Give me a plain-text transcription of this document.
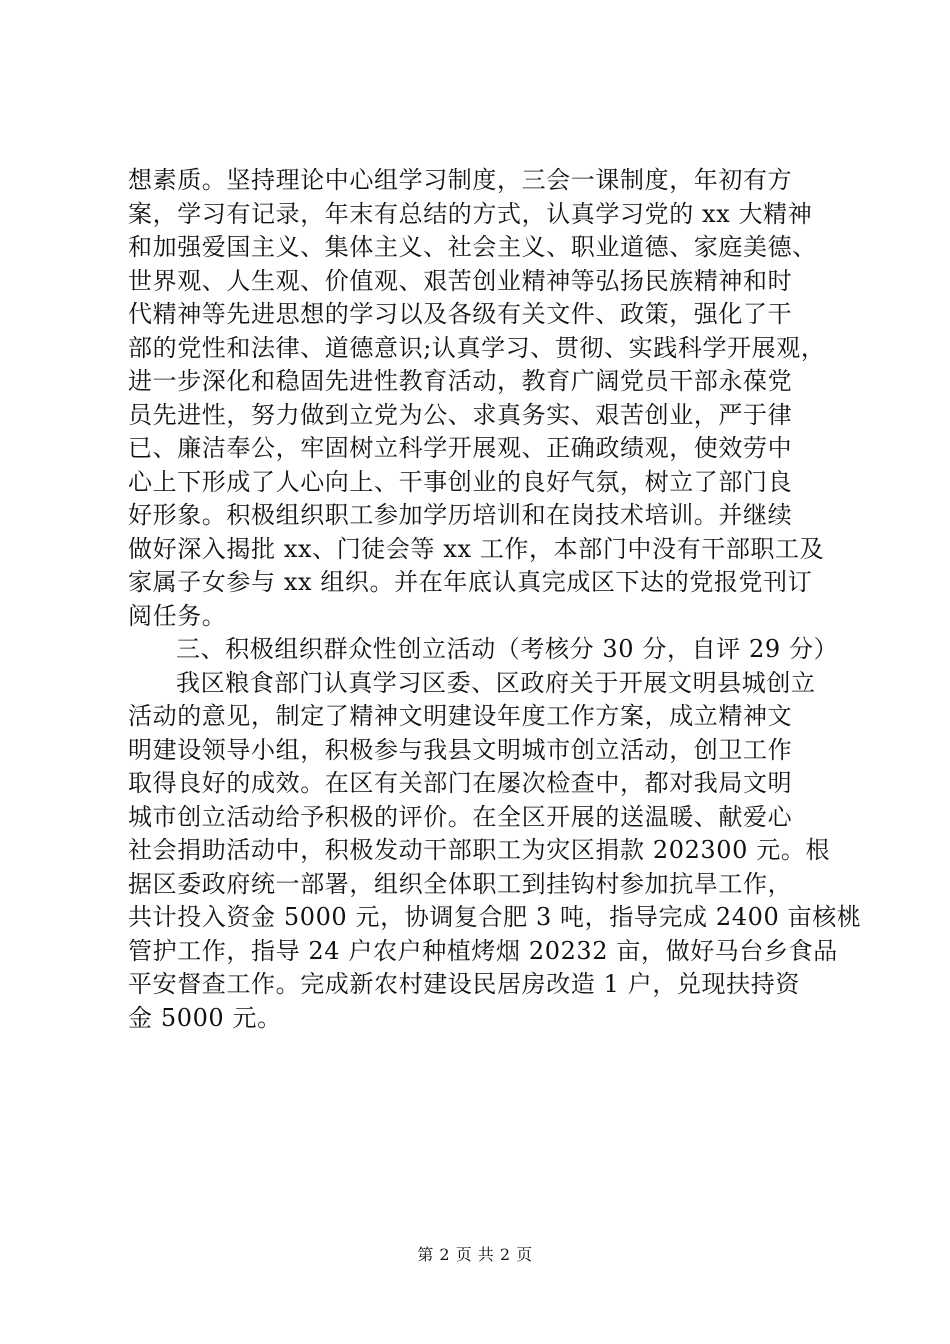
想素质。坚持理论中心组学习制度，三会一课制度，年初有方
案，学习有记录，年末有总结的方式，认真学习党的 xx 大精神
和加强爱国主义、集体主义、社会主义、职业道德、家庭美德、
世界观、人生观、价值观、艰苦创业精神等弘扬民族精神和时
代精神等先进思想的学习以及各级有关文件、政策，强化了干
部的党性和法律、道德意识;认真学习、贯彻、实践科学开展观，
进一步深化和稳固先进性教育活动，教育广阔党员干部永葆党
员先进性，努力做到立党为公、求真务实、艰苦创业，严于律
已、廉洁奉公，牢固树立科学开展观、正确政绩观，使效劳中
心上下形成了人心向上、干事创业的良好气氛，树立了部门良
好形象。积极组织职工参加学历培训和在岗技术培训。并继续
做好深入揭批 xx、门徒会等 xx 工作，本部门中没有干部职工及
家属子女参与 xx 组织。并在年底认真完成区下达的党报党刊订
阅任务。
三、积极组织群众性创立活动（考核分 30 分，自评 29 分）
我区粮食部门认真学习区委、区政府关于开展文明县城创立
活动的意见，制定了精神文明建设年度工作方案，成立精神文
明建设领导小组，积极参与我县文明城市创立活动，创卫工作
取得良好的成效。在区有关部门在屡次检查中，都对我局文明
城市创立活动给予积极的评价。在全区开展的送温暖、献爱心
社会捐助活动中，积极发动干部职工为灾区捐款 202300 元。根
据区委政府统一部署，组织全体职工到挂钩村参加抗旱工作，
共计投入资金 5000 元，协调复合肥 3 吨，指导完成 2400 亩核桃
管护工作，指导 24 户农户种植烤烟 20232 亩，做好马台乡食品
平安督查工作。完成新农村建设民居房改造 1 户，兑现扶持资
金 5000 元。
第 2 页 共 2 页
